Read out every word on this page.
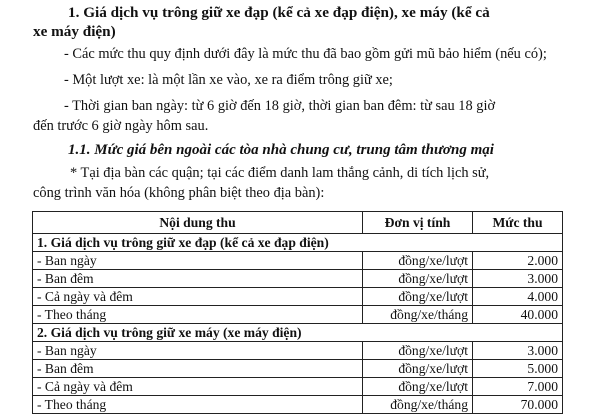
1. Giá dịch vụ trông giữ xe đạp (kể cả xe đạp điện), xe máy (kể cả
xe máy điện)
- Các mức thu quy định dưới đây là mức thu đã bao gồm gửi mũ bảo hiểm (nếu có);
- Một lượt xe: là một lần xe vào, xe ra điểm trông giữ xe;
- Thời gian ban ngày: từ 6 giờ đến 18 giờ, thời gian ban đêm: từ sau 18 giờ
đến trước 6 giờ ngày hôm sau.
1.1. Mức giá bên ngoài các tòa nhà chung cư, trung tâm thương mại
* Tại địa bàn các quận; tại các điểm danh lam thắng cảnh, di tích lịch sử,
công trình văn hóa (không phân biệt theo địa bàn):
Nội dung thu	Đơn vị tính	Mức thu
1. Giá dịch vụ trông giữ xe đạp (kể cả xe đạp điện)		
- Ban ngày	đồng/xe/lượt	2.000
- Ban đêm	đồng/xe/lượt	3.000
- Cả ngày và đêm	đồng/xe/lượt	4.000
- Theo tháng	đồng/xe/tháng	40.000
2. Giá dịch vụ trông giữ xe máy (xe máy điện)		
- Ban ngày	đồng/xe/lượt	3.000
- Ban đêm	đồng/xe/lượt	5.000
- Cả ngày và đêm	đồng/xe/lượt	7.000
- Theo tháng	đồng/xe/tháng	70.000
